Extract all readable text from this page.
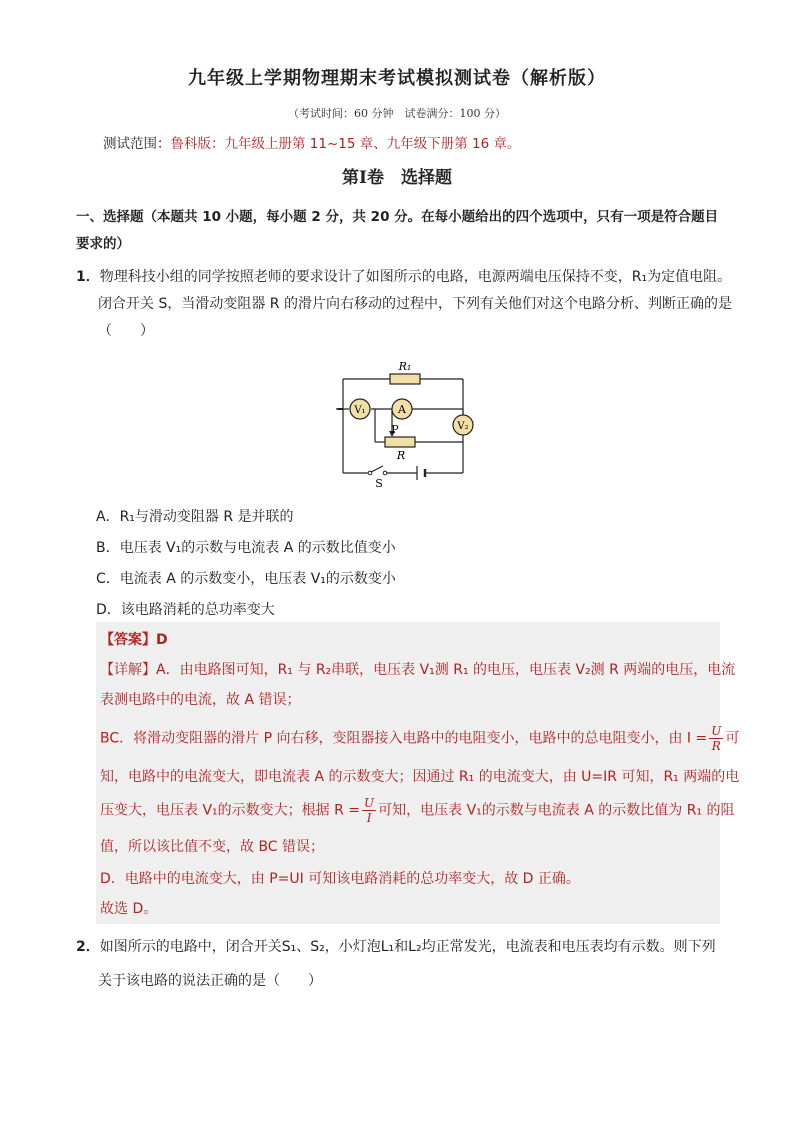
九年级上学期物理期末考试模拟测试卷（解析版）
（考试时间：60 分钟　试卷满分：100 分）
测试范围：鲁科版：九年级上册第 11~15 章、九年级下册第 16 章。
第Ⅰ卷　选择题
一、选择题（本题共 10 小题，每小题 2 分，共 20 分。在每小题给出的四个选项中，只有一项是符合题目
要求的）
1．物理科技小组的同学按照老师的要求设计了如图所示的电路，电源两端电压保持不变，R₁为定值电阻。
闭合开关 S，当滑动变阻器 R 的滑片向右移动的过程中，下列有关他们对这个电路分析、判断正确的是
（　　）
R₁
V₁	A
V₂
P
R
S
A．R₁与滑动变阻器 R 是并联的
B．电压表 V₁的示数与电流表 A 的示数比值变小
C．电流表 A 的示数变小，电压表 V₁的示数变小
D．该电路消耗的总功率变大
【答案】D
【详解】A．由电路图可知，R₁ 与 R₂串联，电压表 V₁测 R₁ 的电压，电压表 V₂测 R 两端的电压，电流
表测电路中的电流，故 A 错误；
BC．将滑动变阻器的滑片 P 向右移，变阻器接入电路中的电阻变小，电路中的总电阻变小，由 $I = \frac{U}{R}$ 可
知，电路中的电流变大，即电流表 A 的示数变大；因通过 R₁ 的电流变大，由 U=IR 可知，R₁ 两端的电
压变大，电压表 V₁的示数变大；根据 $R = \frac{U}{I}$ 可知，电压表 V₁的示数与电流表 A 的示数比值为 R₁ 的阻
值，所以该比值不变，故 BC 错误；
D．电路中的电流变大，由 P=UI 可知该电路消耗的总功率变大，故 D 正确。
故选 D。
2．如图所示的电路中，闭合开关S₁、S₂，小灯泡L₁和L₂均正常发光，电流表和电压表均有示数。则下列
关于该电路的说法正确的是（　　）
